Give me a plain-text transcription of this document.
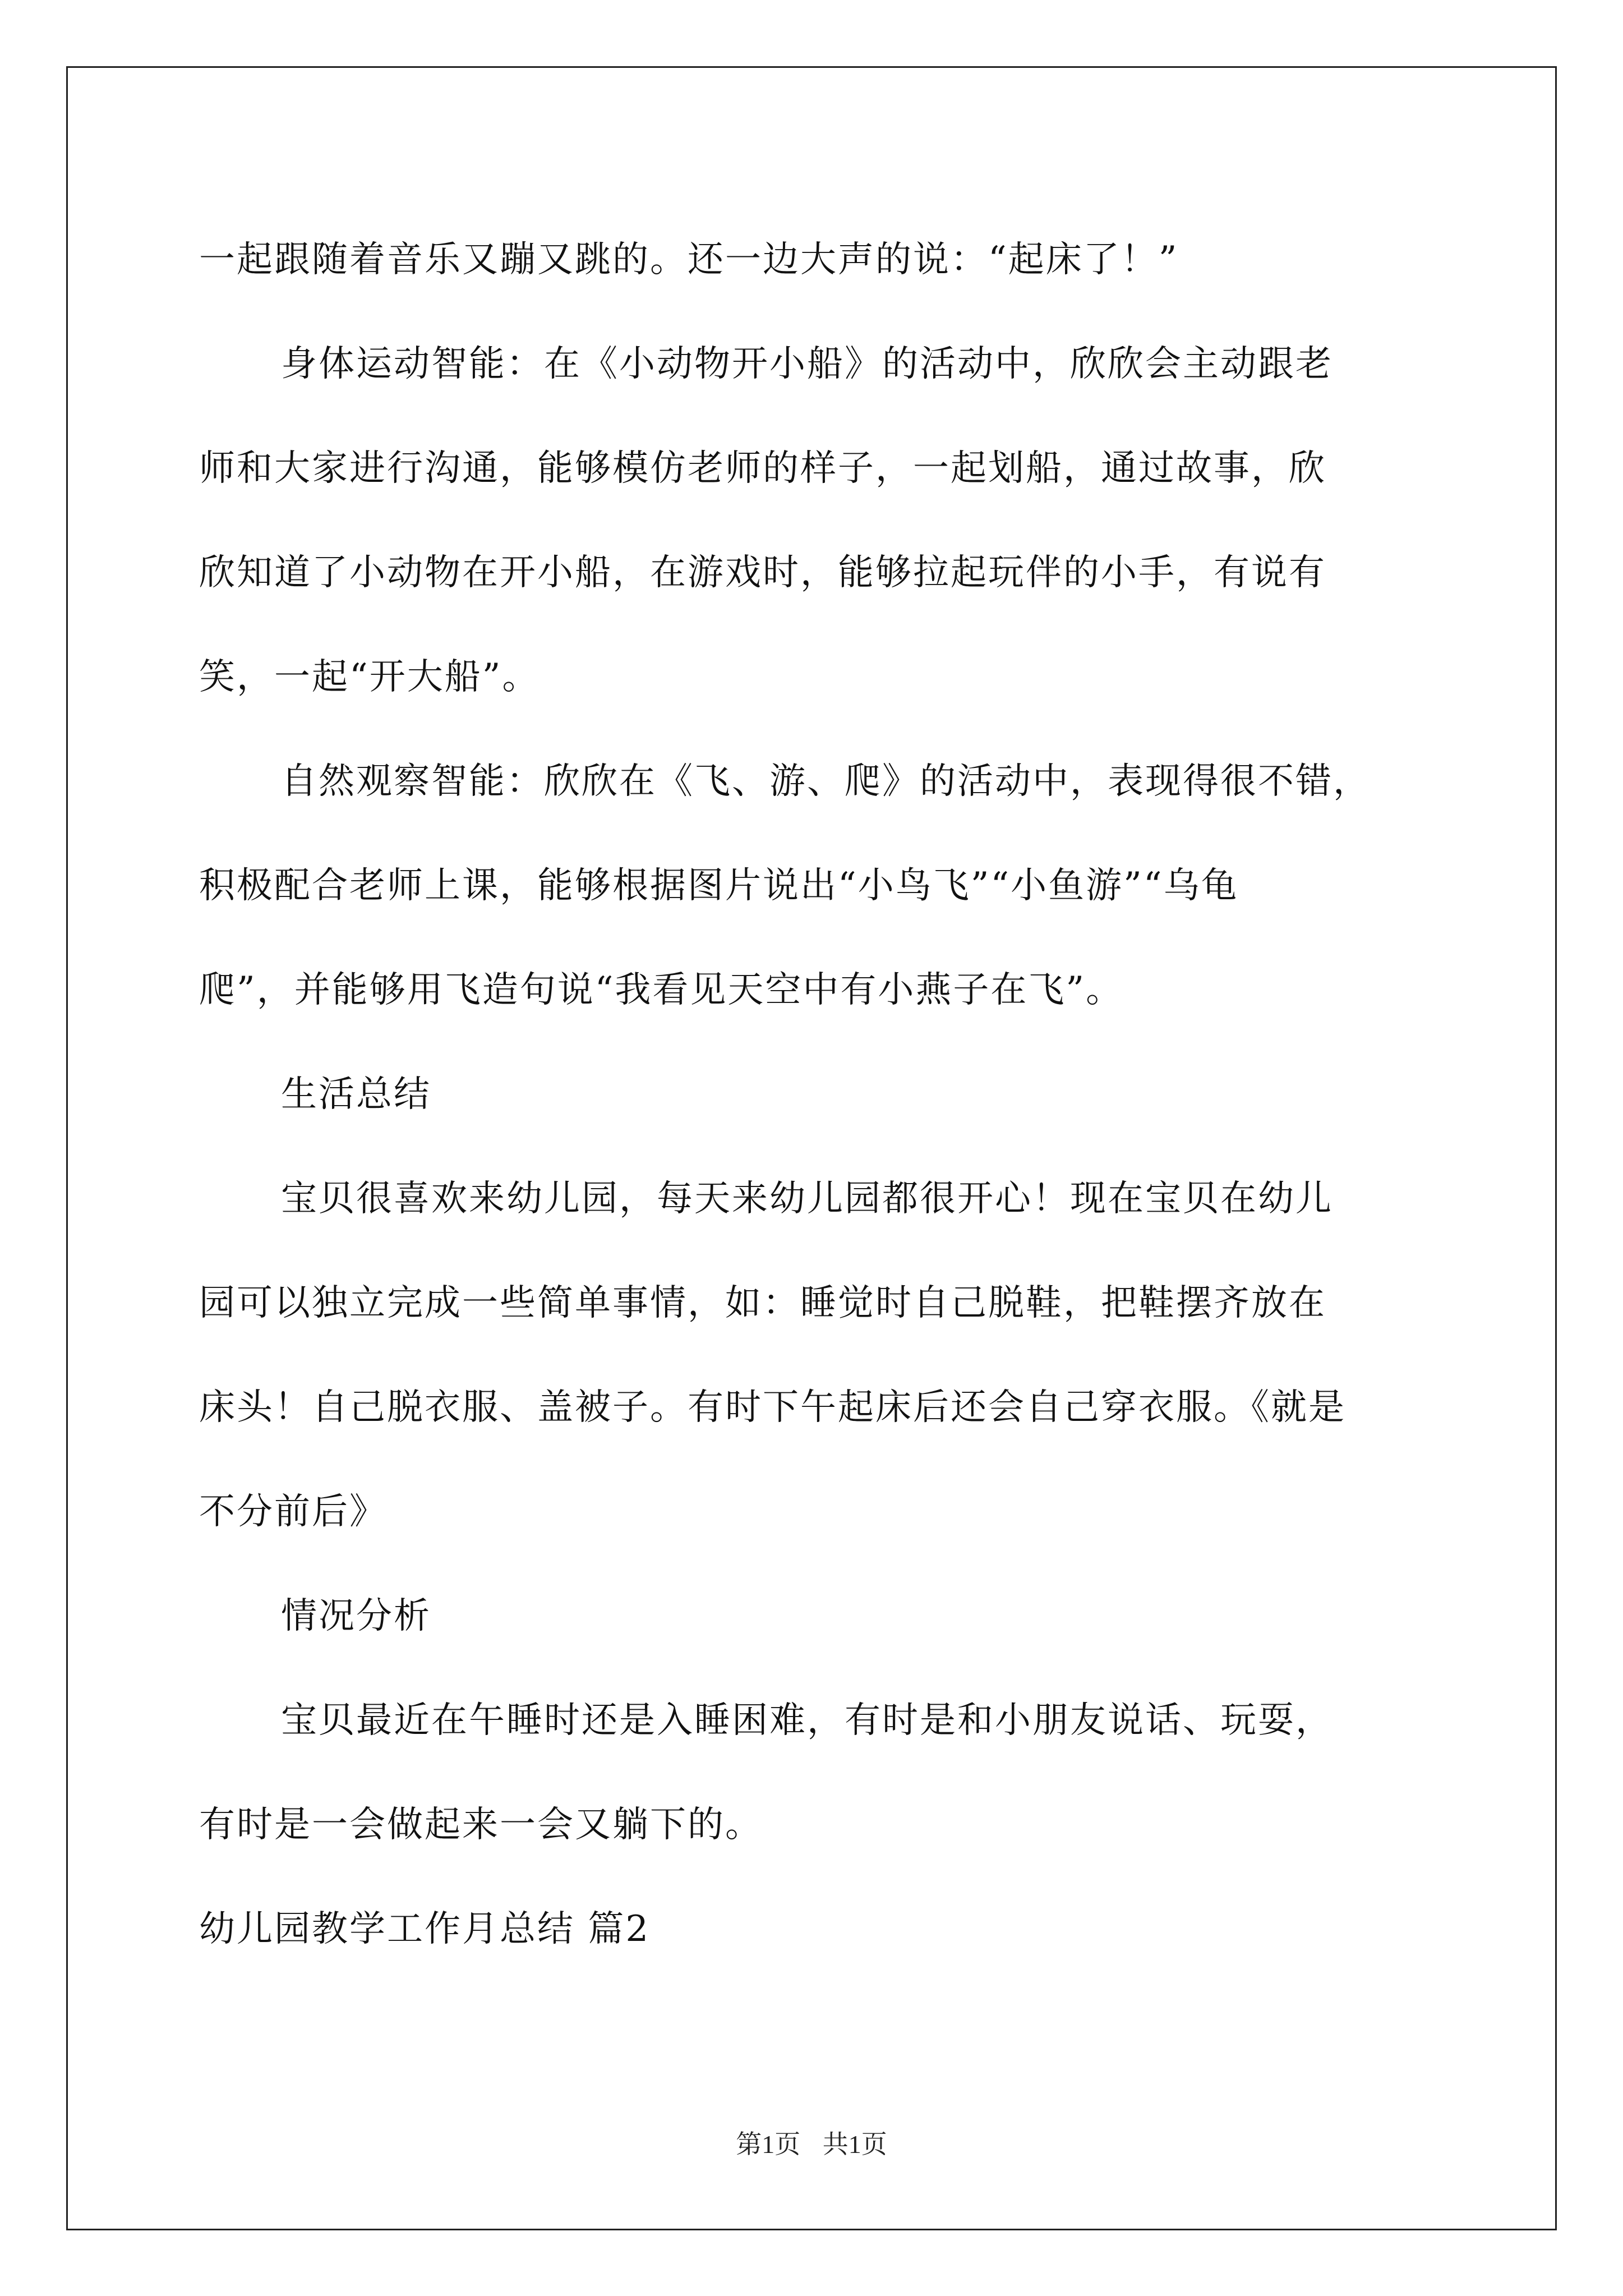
一起跟随着音乐又蹦又跳的。还一边大声的说：“起床了！”

身体运动智能：在《小动物开小船》的活动中，欣欣会主动跟老

师和大家进行沟通，能够模仿老师的样子，一起划船，通过故事，欣

欣知道了小动物在开小船，在游戏时，能够拉起玩伴的小手，有说有

笑，一起“开大船”。

自然观察智能：欣欣在《飞、游、爬》的活动中，表现得很不错，

积极配合老师上课，能够根据图片说出“小鸟飞”“小鱼游”“乌龟

爬”，并能够用飞造句说“我看见天空中有小燕子在飞”。

生活总结

宝贝很喜欢来幼儿园，每天来幼儿园都很开心！现在宝贝在幼儿

园可以独立完成一些简单事情，如：睡觉时自己脱鞋，把鞋摆齐放在

床头！自己脱衣服、盖被子。有时下午起床后还会自己穿衣服。《就是

不分前后》

情况分析

宝贝最近在午睡时还是入睡困难，有时是和小朋友说话、玩耍，

有时是一会做起来一会又躺下的。

幼儿园教学工作月总结 篇2

第1页 共1页
